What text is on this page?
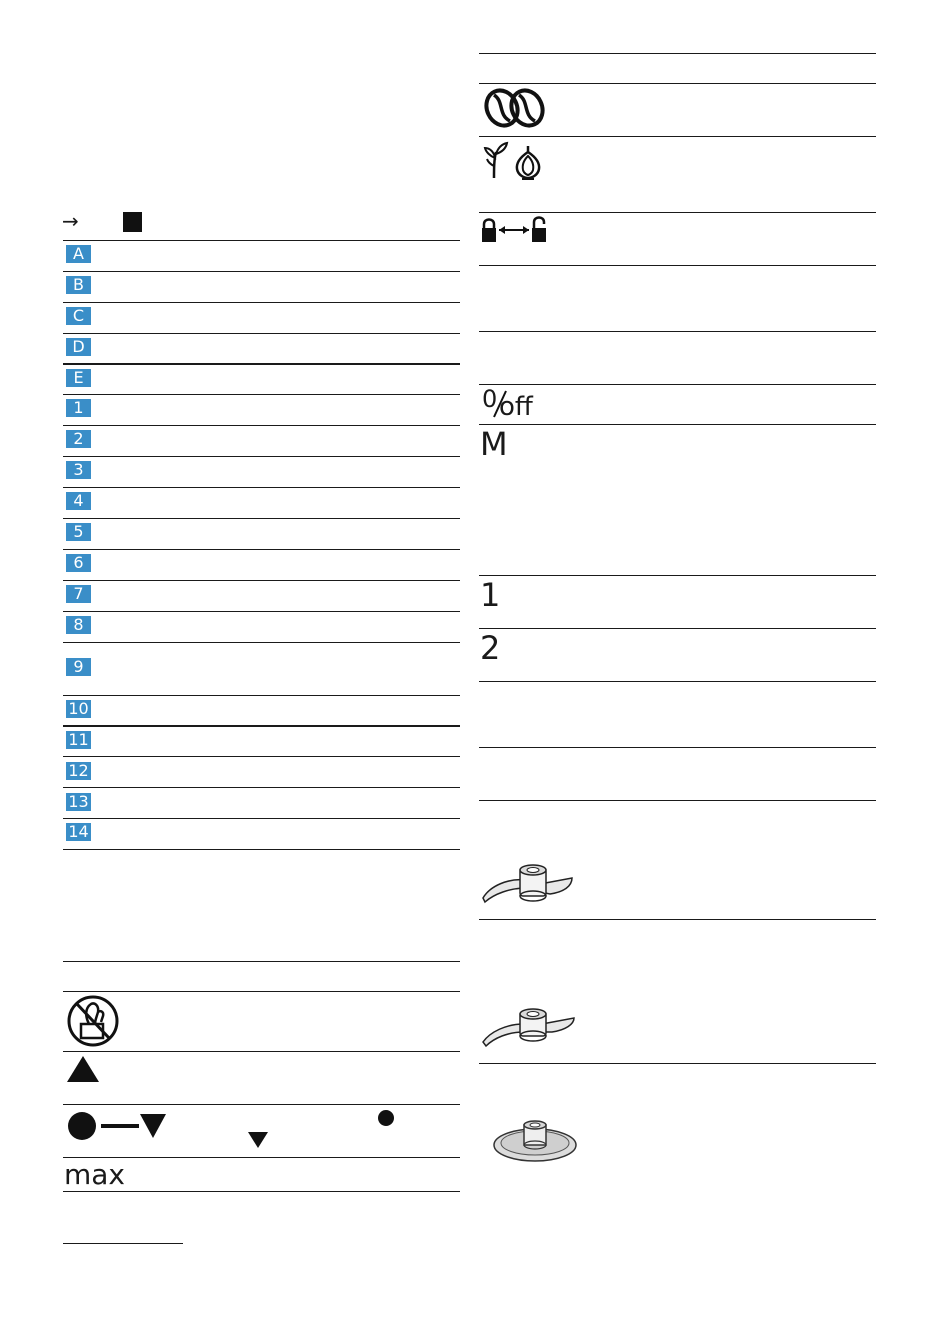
→
A
B
C
D
E
1
2
3
4
5
6
7
8
9
10
11
12
13
14
max
0 off
M
1
2
